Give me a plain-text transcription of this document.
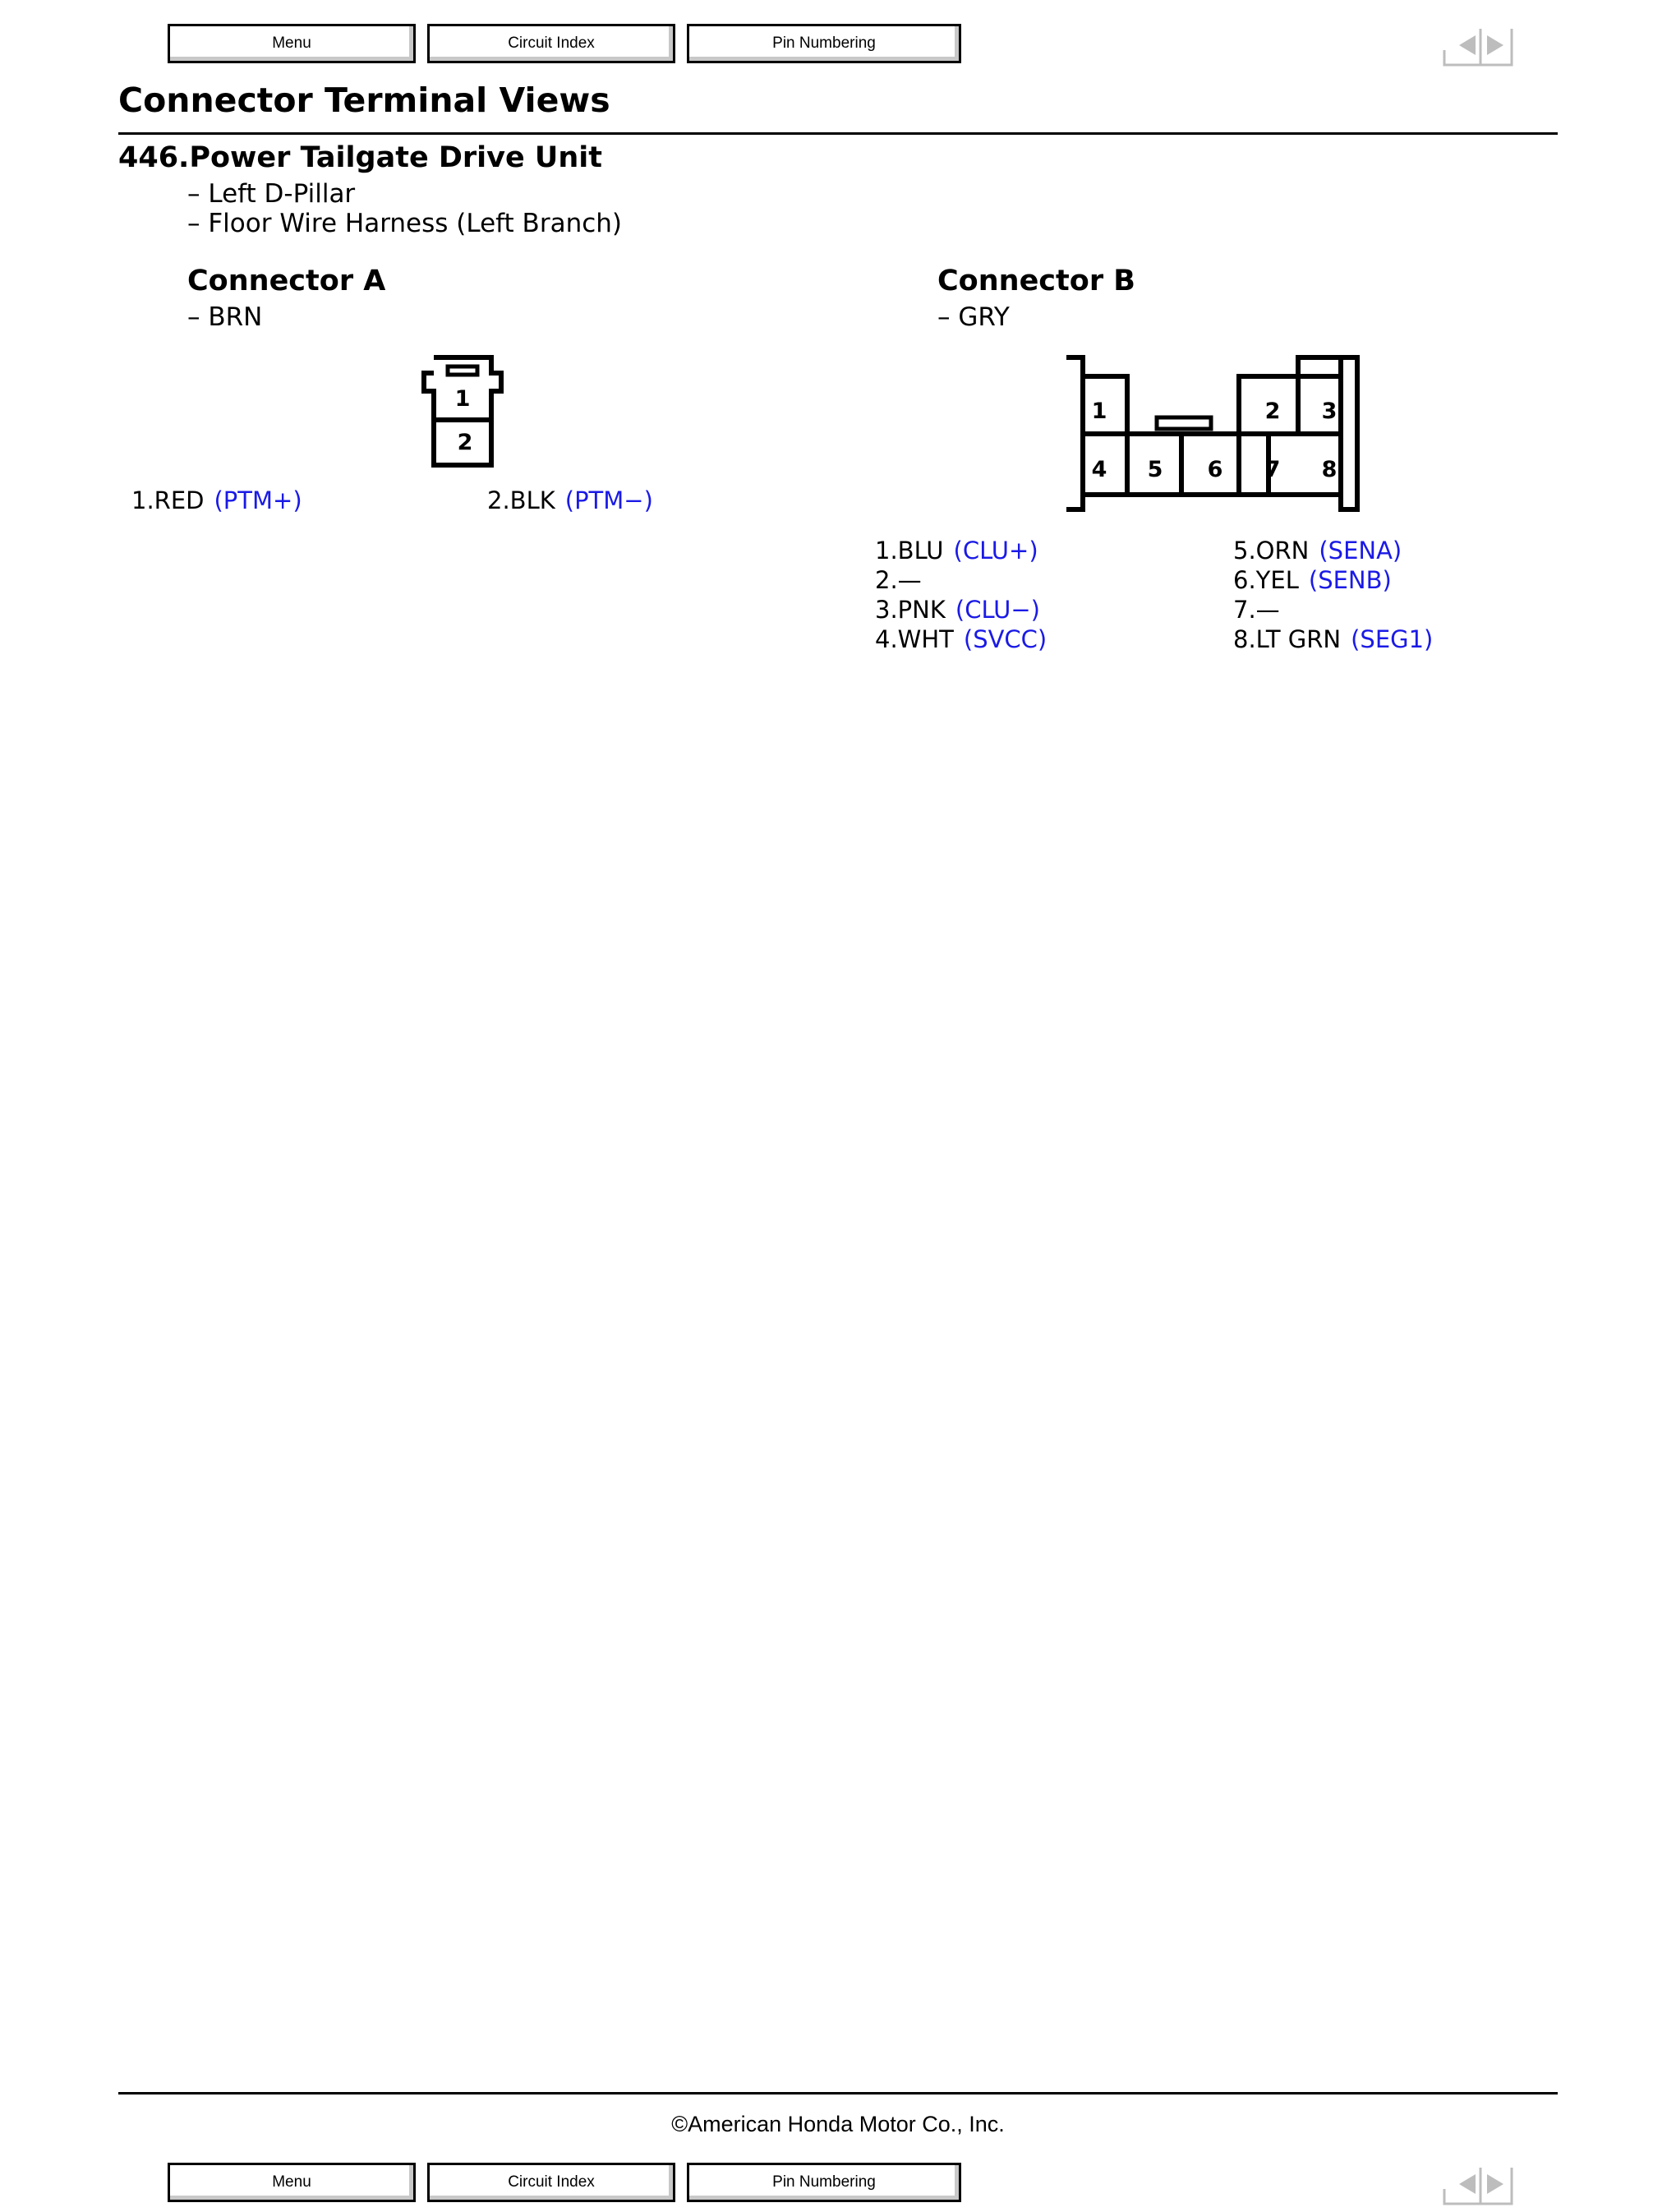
Menu	Circuit Index	Pin Numbering
Connector Terminal Views
446.Power Tailgate Drive Unit
– Left D-Pillar
– Floor Wire Harness (Left Branch)
Connector A
– BRN
1
2
1.RED (PTM+)	2.BLK (PTM−)
Connector B
– GRY
1	2 3
4 5 6 7 8
1.BLU (CLU+)
2.—
3.PNK (CLU−)
4.WHT (SVCC)
5.ORN (SENA)
6.YEL (SENB)
7.—
8.LT GRN (SEG1)
©American Honda Motor Co., Inc.
Menu	Circuit Index	Pin Numbering
